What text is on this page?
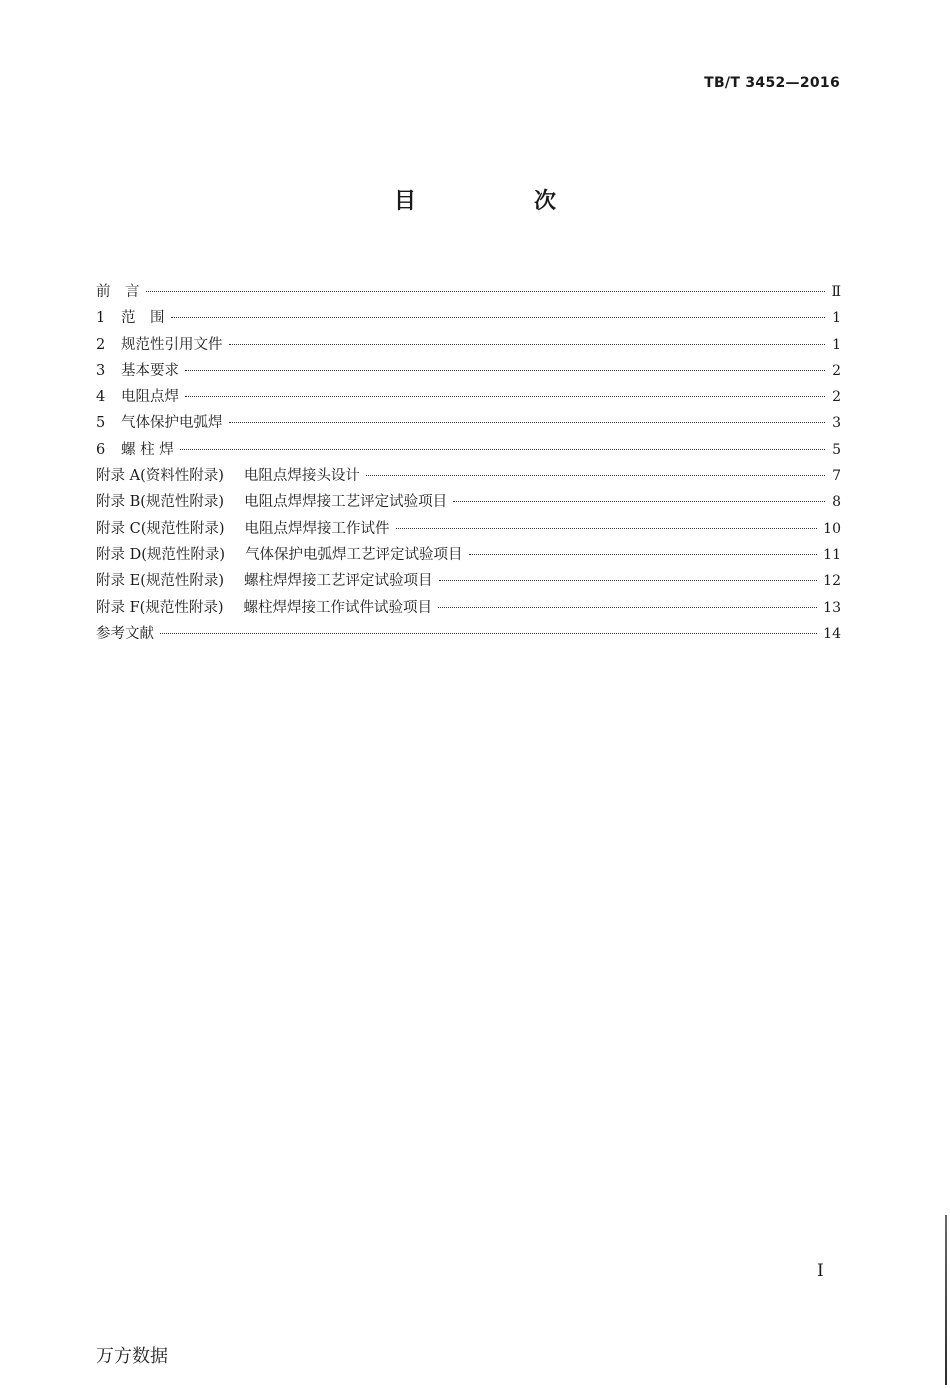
TB/T 3452—2016
目　次
前　言	Ⅱ
1 范　围	1
2 规范性引用文件	1
3 基本要求	2
4 电阻点焊	2
5 气体保护电弧焊	3
6 螺 柱 焊	5
附录 A(资料性附录) 电阻点焊接头设计	7
附录 B(规范性附录) 电阻点焊焊接工艺评定试验项目	8
附录 C(规范性附录) 电阻点焊焊接工作试件	10
附录 D(规范性附录) 气体保护电弧焊工艺评定试验项目	11
附录 E(规范性附录) 螺柱焊焊接工艺评定试验项目	12
附录 F(规范性附录) 螺柱焊焊接工作试件试验项目	13
参考文献	14
I
万方数据
